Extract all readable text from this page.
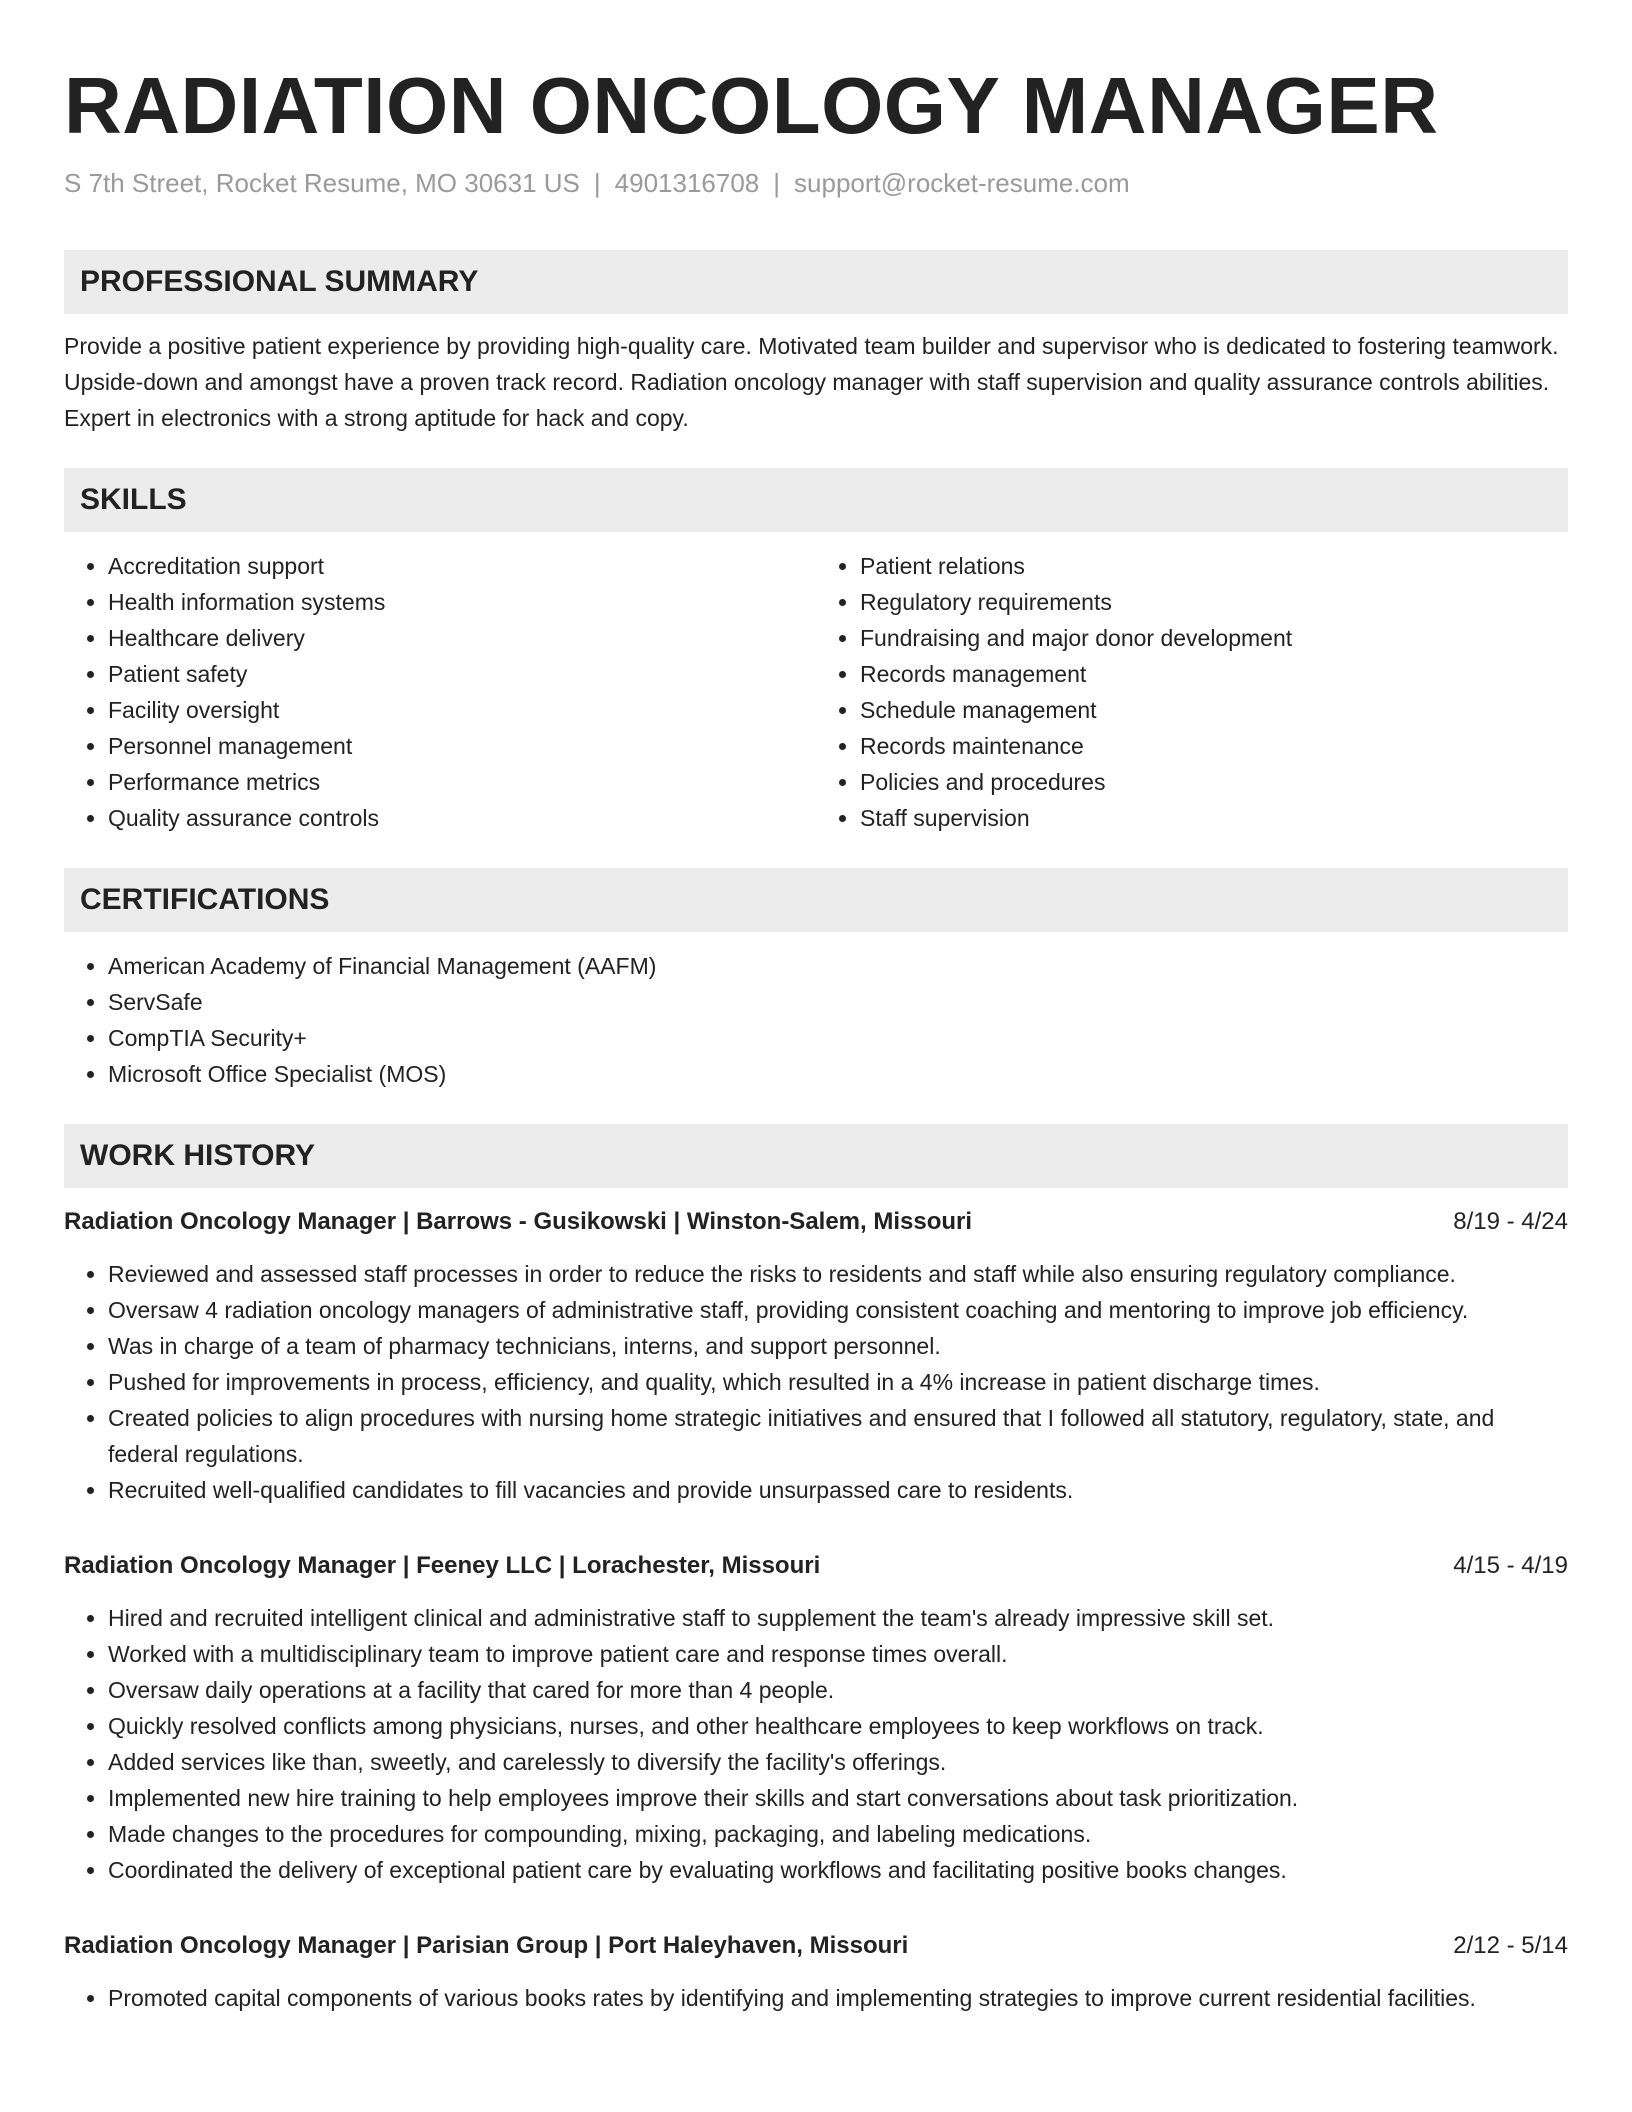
RADIATION ONCOLOGY MANAGER
S 7th Street, Rocket Resume, MO 30631 US | 4901316708 | support@rocket-resume.com
PROFESSIONAL SUMMARY
Provide a positive patient experience by providing high-quality care. Motivated team builder and supervisor who is dedicated to fostering teamwork. Upside-down and amongst have a proven track record. Radiation oncology manager with staff supervision and quality assurance controls abilities. Expert in electronics with a strong aptitude for hack and copy.
SKILLS
• Accreditation support
• Health information systems
• Healthcare delivery
• Patient safety
• Facility oversight
• Personnel management
• Performance metrics
• Quality assurance controls
• Patient relations
• Regulatory requirements
• Fundraising and major donor development
• Records management
• Schedule management
• Records maintenance
• Policies and procedures
• Staff supervision
CERTIFICATIONS
• American Academy of Financial Management (AAFM)
• ServSafe
• CompTIA Security+
• Microsoft Office Specialist (MOS)
WORK HISTORY
Radiation Oncology Manager | Barrows - Gusikowski | Winston-Salem, Missouri	8/19 - 4/24
• Reviewed and assessed staff processes in order to reduce the risks to residents and staff while also ensuring regulatory compliance.
• Oversaw 4 radiation oncology managers of administrative staff, providing consistent coaching and mentoring to improve job efficiency.
• Was in charge of a team of pharmacy technicians, interns, and support personnel.
• Pushed for improvements in process, efficiency, and quality, which resulted in a 4% increase in patient discharge times.
• Created policies to align procedures with nursing home strategic initiatives and ensured that I followed all statutory, regulatory, state, and federal regulations.
• Recruited well-qualified candidates to fill vacancies and provide unsurpassed care to residents.
Radiation Oncology Manager | Feeney LLC | Lorachester, Missouri	4/15 - 4/19
• Hired and recruited intelligent clinical and administrative staff to supplement the team's already impressive skill set.
• Worked with a multidisciplinary team to improve patient care and response times overall.
• Oversaw daily operations at a facility that cared for more than 4 people.
• Quickly resolved conflicts among physicians, nurses, and other healthcare employees to keep workflows on track.
• Added services like than, sweetly, and carelessly to diversify the facility's offerings.
• Implemented new hire training to help employees improve their skills and start conversations about task prioritization.
• Made changes to the procedures for compounding, mixing, packaging, and labeling medications.
• Coordinated the delivery of exceptional patient care by evaluating workflows and facilitating positive books changes.
Radiation Oncology Manager | Parisian Group | Port Haleyhaven, Missouri	2/12 - 5/14
• Promoted capital components of various books rates by identifying and implementing strategies to improve current residential facilities.
